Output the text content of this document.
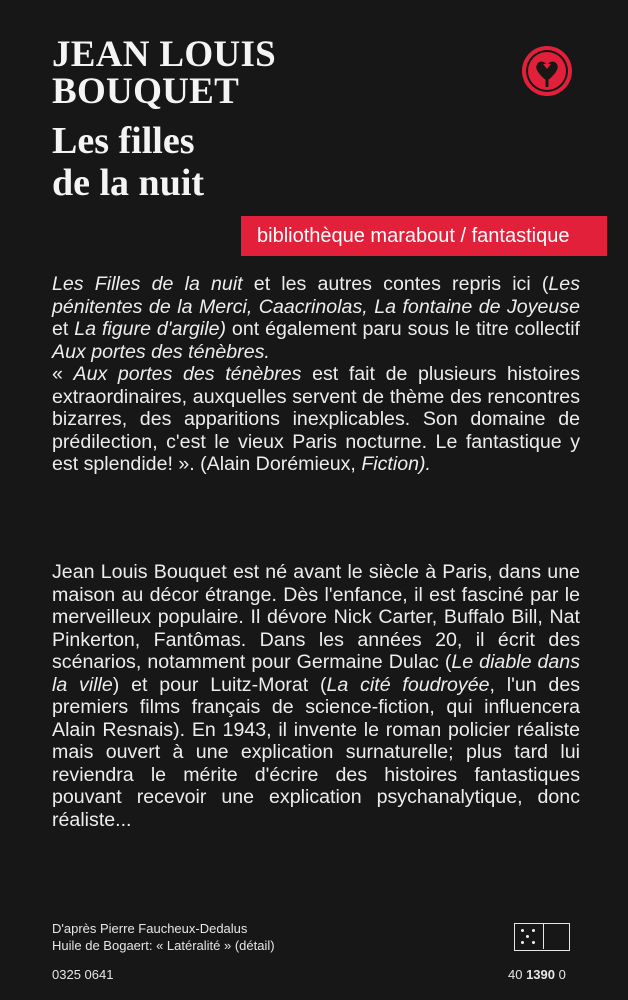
JEAN LOUIS
BOUQUET
Les filles
de la nuit
bibliothèque marabout / fantastique
Les Filles de la nuit et les autres contes repris ici (Les pénitentes de la Merci, Caacrinolas, La fontaine de Joyeuse et La figure d'argile) ont également paru sous le titre collectif Aux portes des ténèbres.
« Aux portes des ténèbres est fait de plusieurs histoires extraordinaires, auxquelles servent de thème des rencontres bizarres, des apparitions inexplicables. Son domaine de prédilection, c'est le vieux Paris nocturne. Le fantastique y est splendide! ». (Alain Dorémieux, Fiction).
Jean Louis Bouquet est né avant le siècle à Paris, dans une maison au décor étrange. Dès l'enfance, il est fasciné par le merveilleux populaire. Il dévore Nick Carter, Buffalo Bill, Nat Pinkerton, Fantômas. Dans les années 20, il écrit des scénarios, notamment pour Germaine Dulac (Le diable dans la ville) et pour Luitz-Morat (La cité foudroyée, l'un des premiers films français de science-fiction, qui influencera Alain Resnais). En 1943, il invente le roman policier réaliste mais ouvert à une explication surnaturelle; plus tard lui reviendra le mérite d'écrire des histoires fantastiques pouvant recevoir une explication psychanalytique, donc réaliste...
D'après Pierre Faucheux-Dedalus
Huile de Bogaert: « Latéralité » (détail)
0325 0641	40 1390 0
